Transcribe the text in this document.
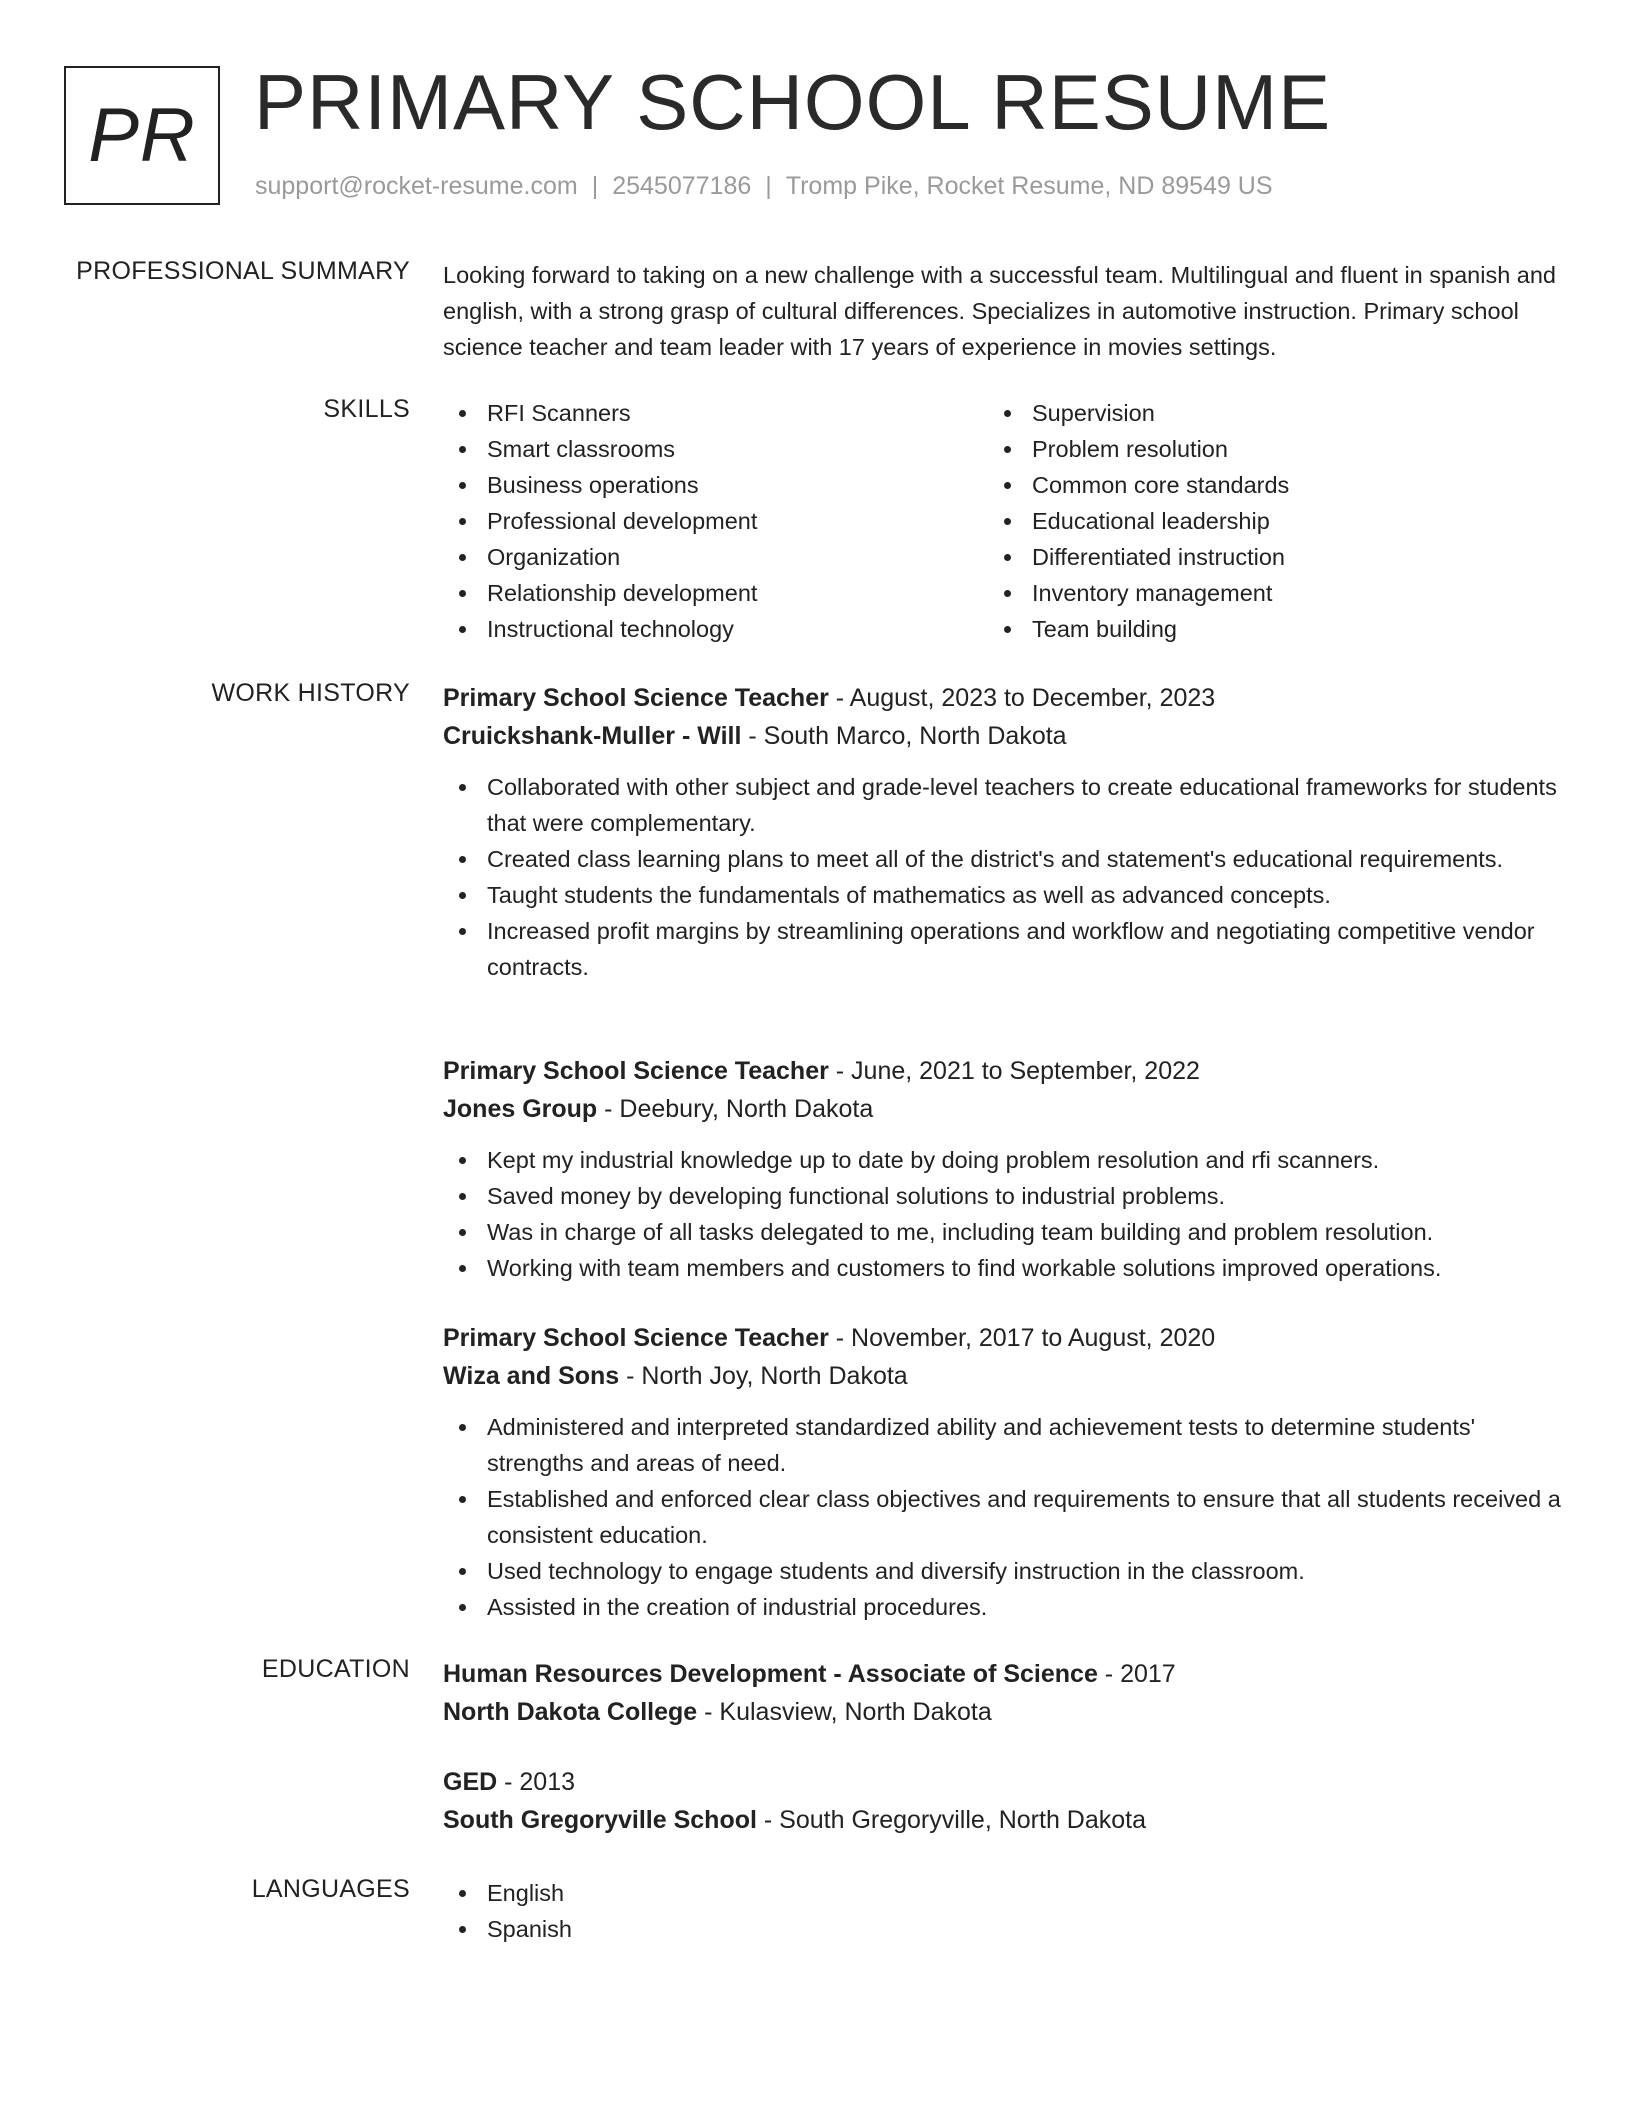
PR PRIMARY SCHOOL RESUME
support@rocket-resume.com | 2545077186 | Tromp Pike, Rocket Resume, ND 89549 US
PROFESSIONAL SUMMARY Looking forward to taking on a new challenge with a successful team. Multilingual and fluent in spanish and english, with a strong grasp of cultural differences. Specializes in automotive instruction. Primary school science teacher and team leader with 17 years of experience in movies settings.
SKILLS	RFI Scanners
Smart classrooms
Business operations
Professional development
Organization
Relationship development
Instructional technology
Supervision
Problem resolution
Common core standards
Educational leadership
Differentiated instruction
Inventory management
Team building
WORK HISTORY Primary School Science Teacher - August, 2023 to December, 2023
Cruickshank-Muller - Will - South Marco, North Dakota
Collaborated with other subject and grade-level teachers to create educational frameworks for students that were complementary.
Created class learning plans to meet all of the district's and statement's educational requirements.
Taught students the fundamentals of mathematics as well as advanced concepts.
Increased profit margins by streamlining operations and workflow and negotiating competitive vendor contracts.
Primary School Science Teacher - June, 2021 to September, 2022
Jones Group - Deebury, North Dakota
Kept my industrial knowledge up to date by doing problem resolution and rfi scanners.
Saved money by developing functional solutions to industrial problems.
Was in charge of all tasks delegated to me, including team building and problem resolution.
Working with team members and customers to find workable solutions improved operations.
Primary School Science Teacher - November, 2017 to August, 2020
Wiza and Sons - North Joy, North Dakota
Administered and interpreted standardized ability and achievement tests to determine students' strengths and areas of need.
Established and enforced clear class objectives and requirements to ensure that all students received a consistent education.
Used technology to engage students and diversify instruction in the classroom.
Assisted in the creation of industrial procedures.
EDUCATION Human Resources Development - Associate of Science - 2017
North Dakota College - Kulasview, North Dakota
GED - 2013
South Gregoryville School - South Gregoryville, North Dakota
LANGUAGES	English
Spanish
